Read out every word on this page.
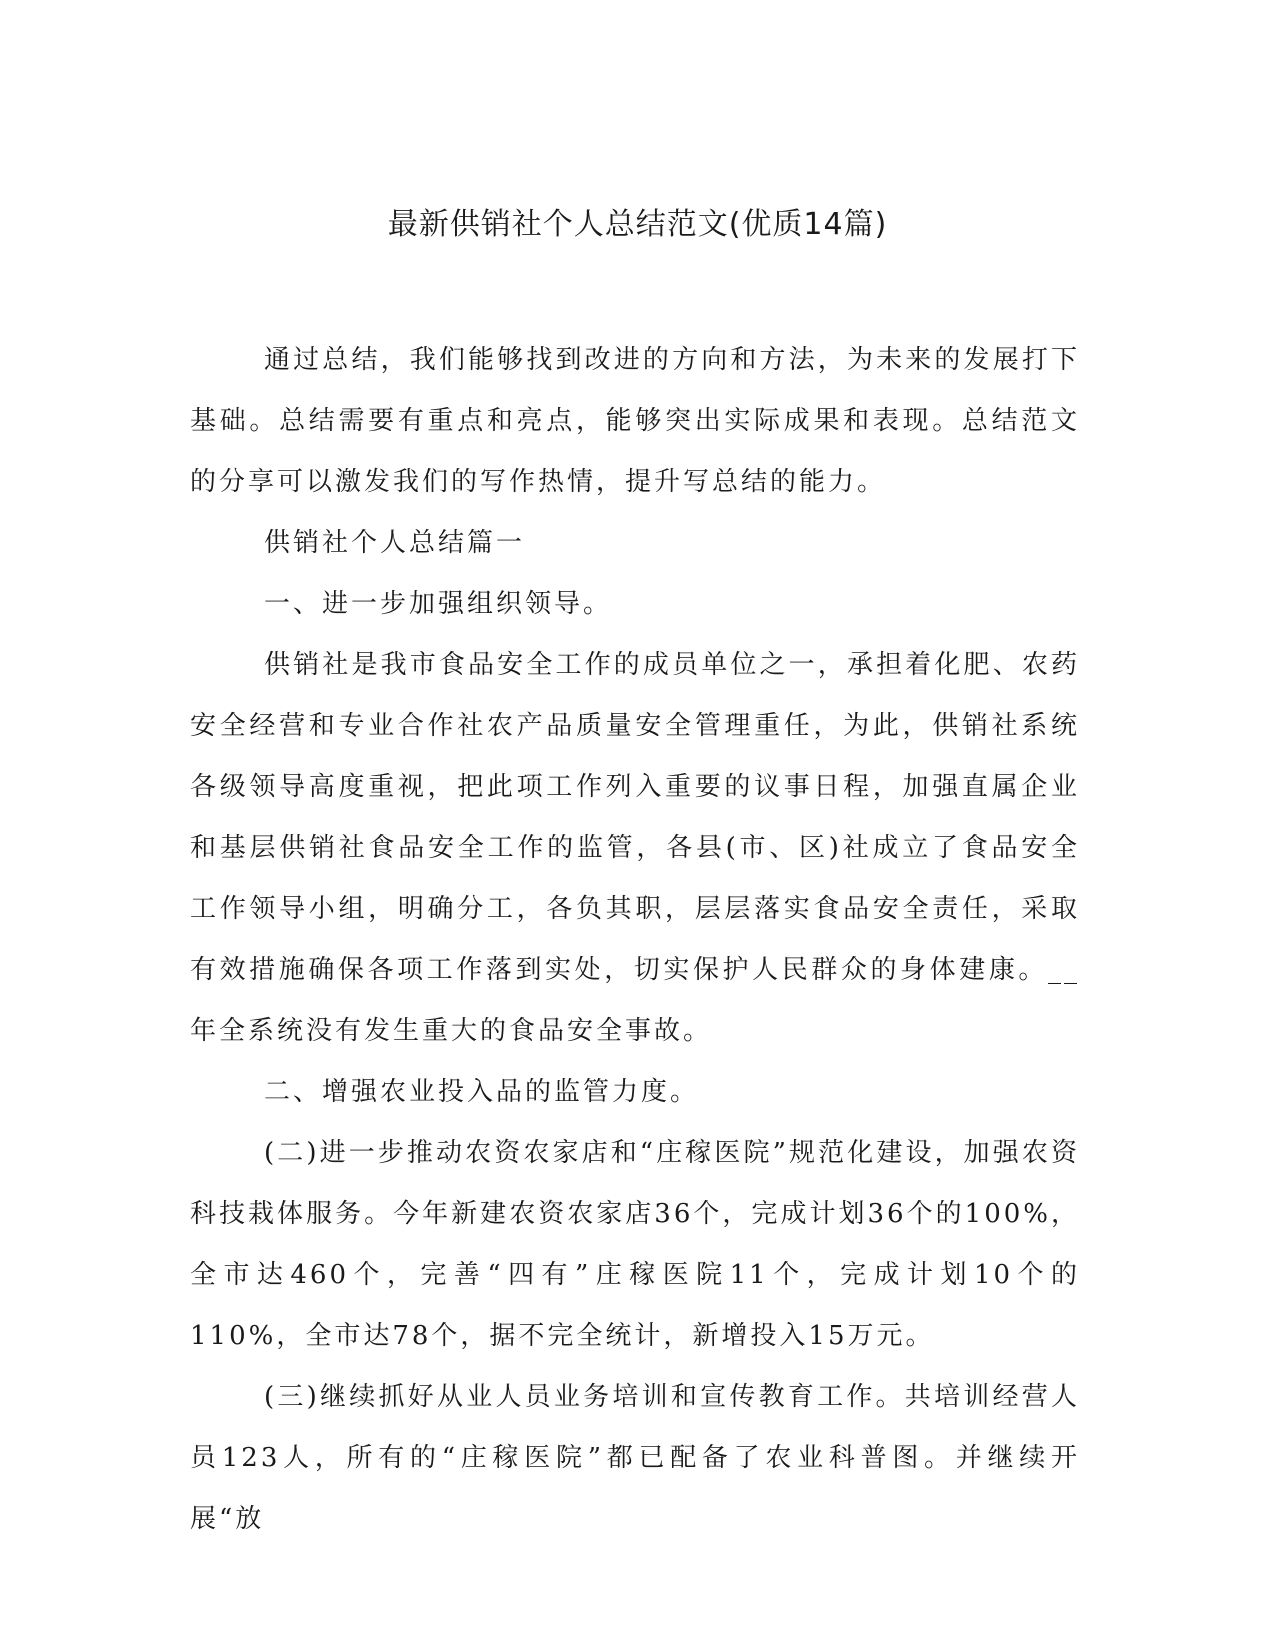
最新供销社个人总结范文(优质14篇)

通过总结，我们能够找到改进的方向和方法，为未来的发展打下基础。总结需要有重点和亮点，能够突出实际成果和表现。总结范文的分享可以激发我们的写作热情，提升写总结的能力。

供销社个人总结篇一

一、进一步加强组织领导。

供销社是我市食品安全工作的成员单位之一，承担着化肥、农药安全经营和专业合作社农产品质量安全管理重任，为此，供销社系统各级领导高度重视，把此项工作列入重要的议事日程，加强直属企业和基层供销社食品安全工作的监管，各县(市、区)社成立了食品安全工作领导小组，明确分工，各负其职，层层落实食品安全责任，采取有效措施确保各项工作落到实处，切实保护人民群众的身体建康。__年全系统没有发生重大的食品安全事故。

二、增强农业投入品的监管力度。

(二)进一步推动农资农家店和“庄稼医院”规范化建设，加强农资科技栽体服务。今年新建农资农家店36个，完成计划36个的100%，全市达460个，完善“四有”庄稼医院11个，完成计划10个的110%，全市达78个，据不完全统计，新增投入15万元。

(三)继续抓好从业人员业务培训和宣传教育工作。共培训经营人员123人，所有的“庄稼医院”都已配备了农业科普图。并继续开展“放
